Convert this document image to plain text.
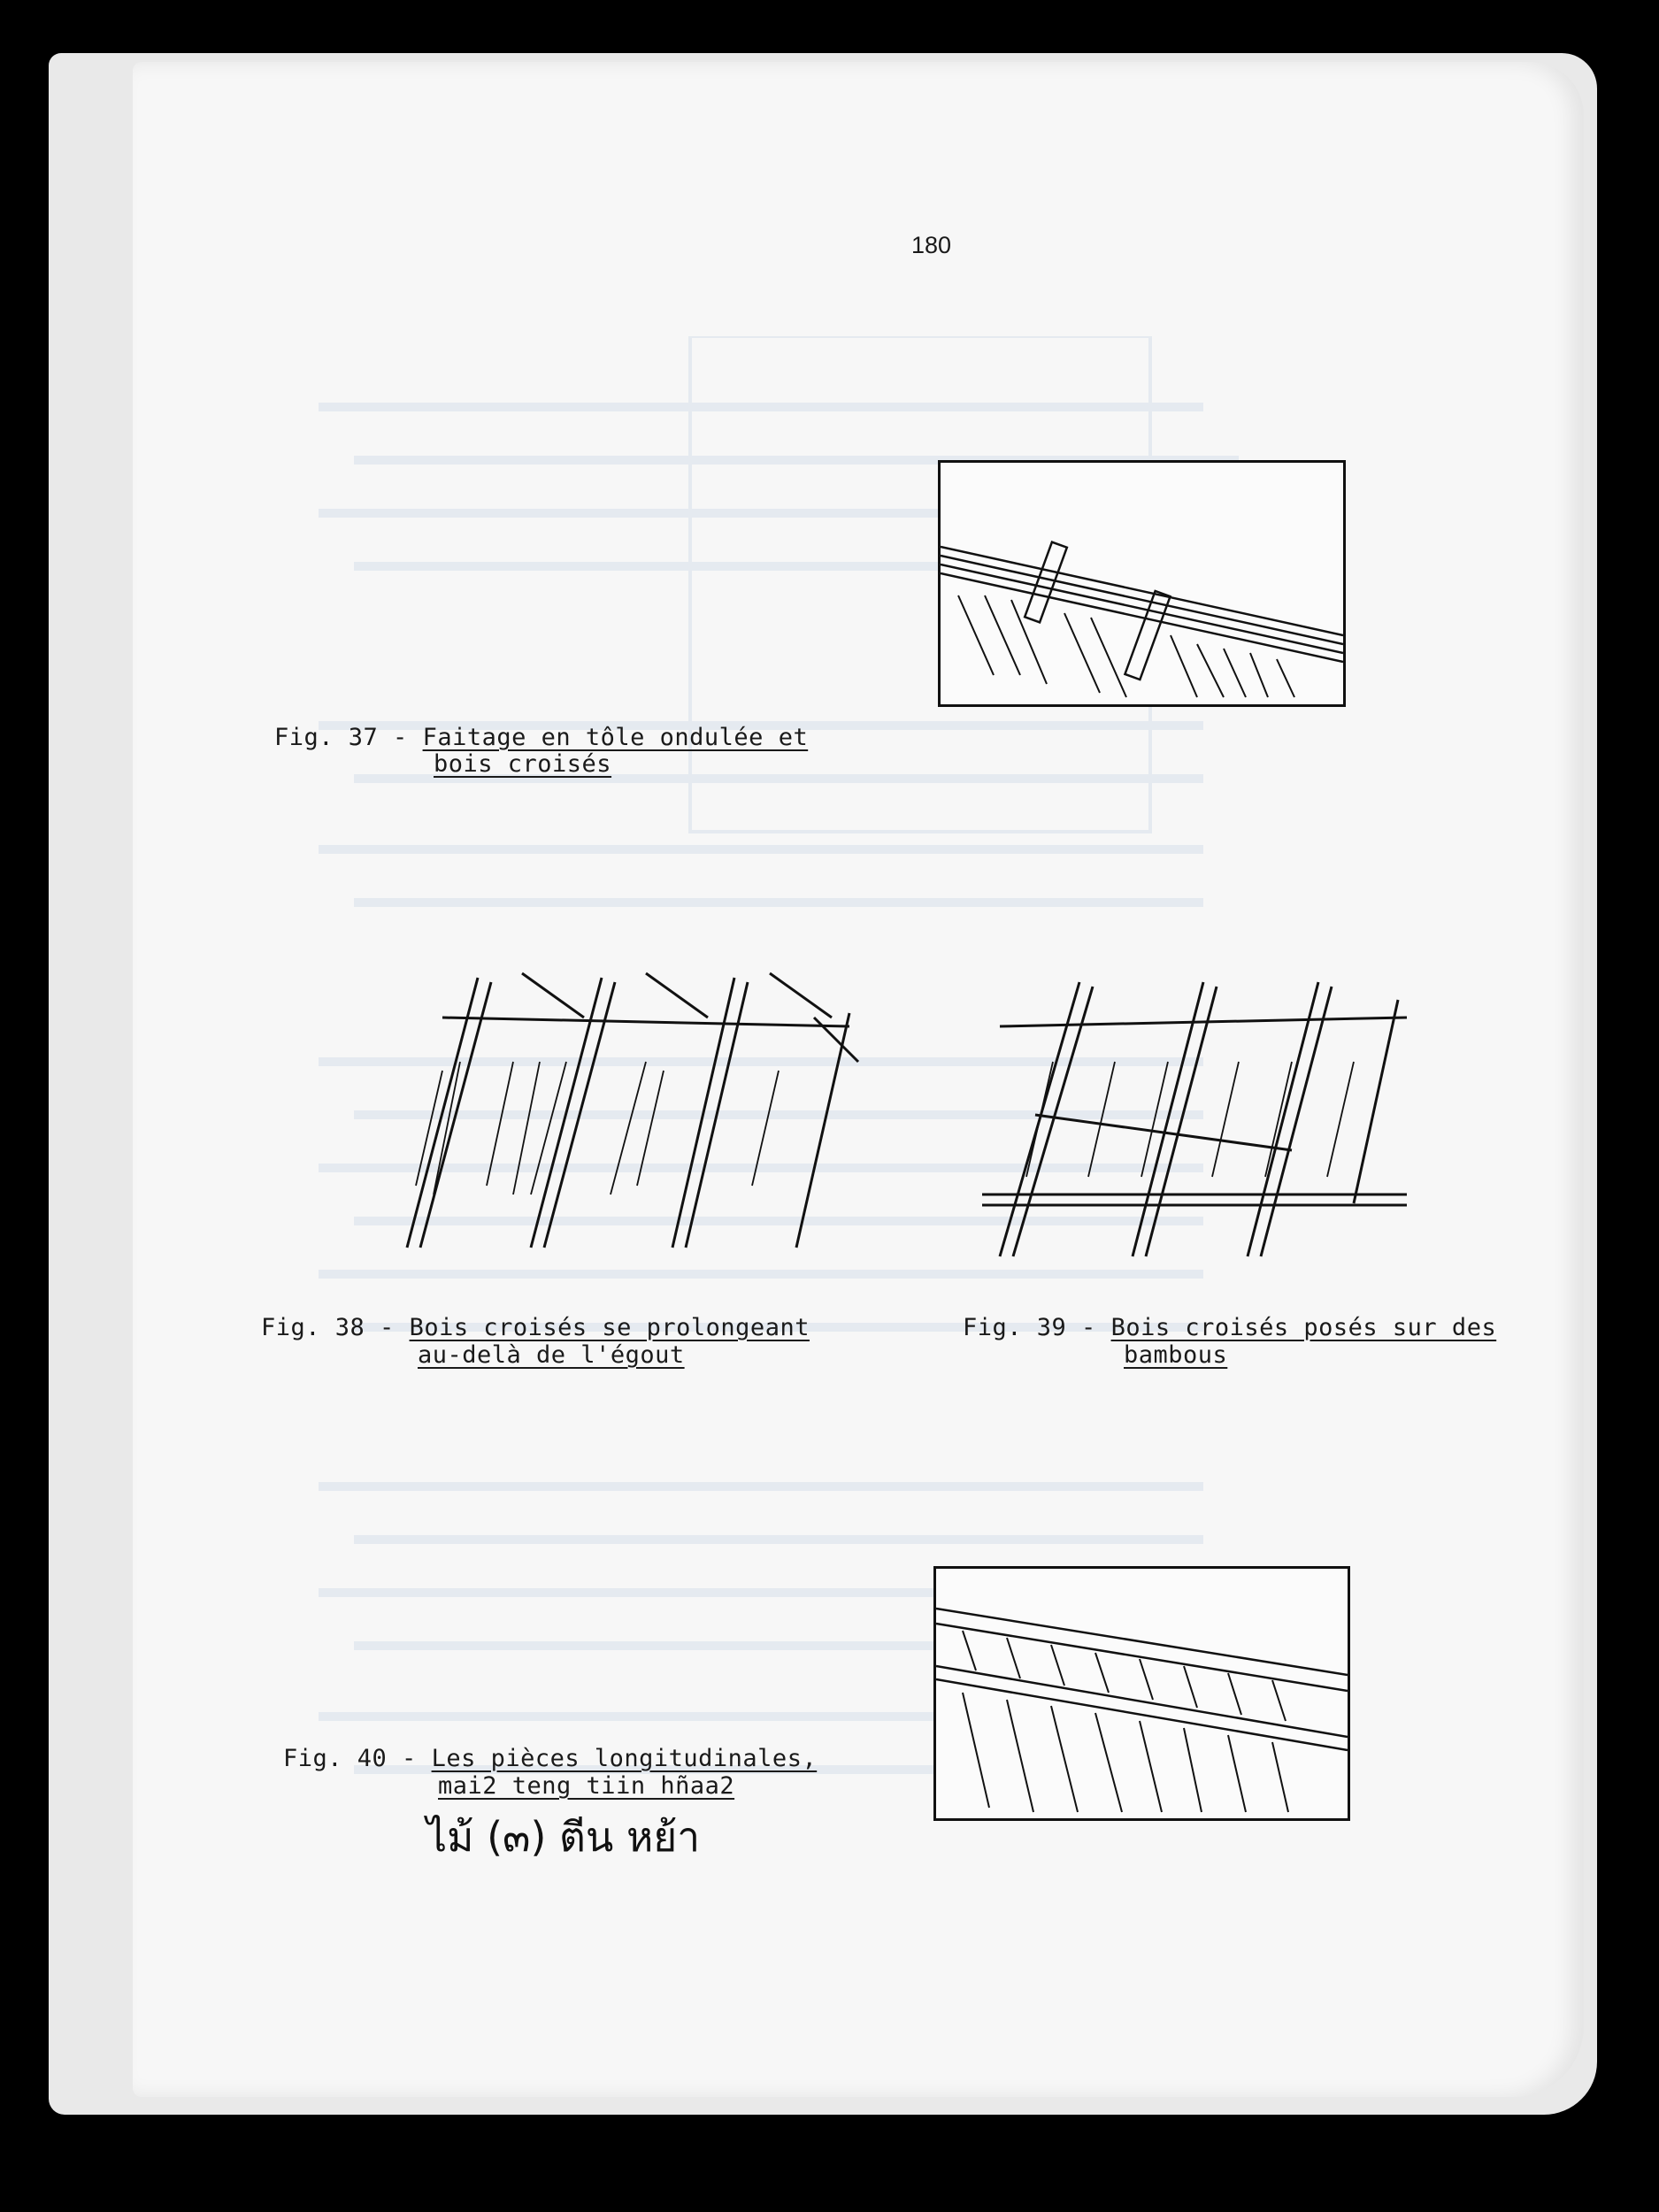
180
Fig. 37 - Faitage en tôle ondulée et
bois croisés
Fig. 38 - Bois croisés se prolongeant
au-delà de l'égout
Fig. 39 - Bois croisés posés sur des
bambous
Fig. 40 - Les pièces longitudinales,
mai2 teng tiin hñaa2
ไม้ (๓) ตีน หย้า
